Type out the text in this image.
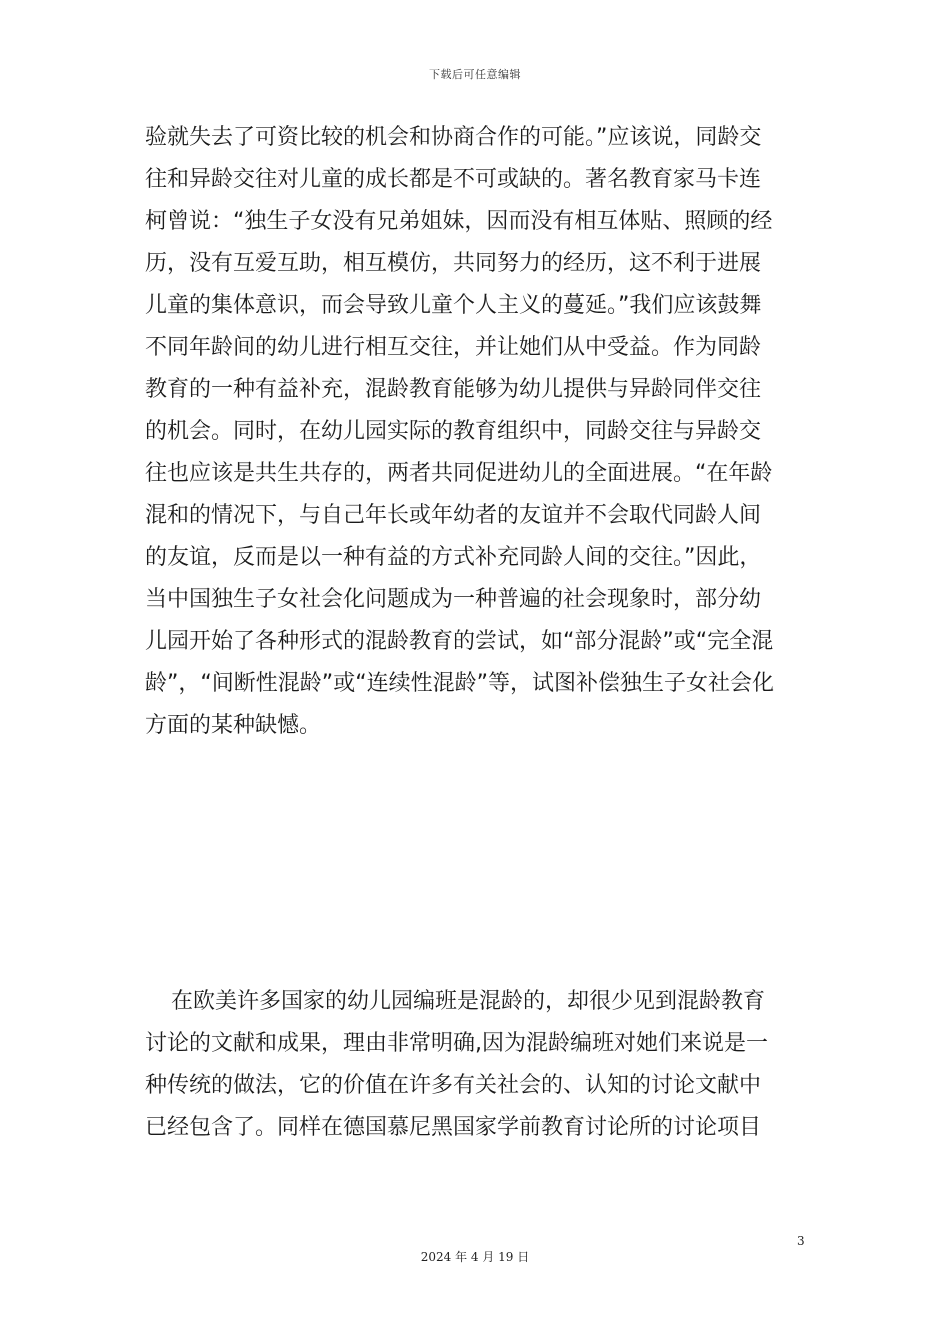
下载后可任意编辑
验就失去了可资比较的机会和协商合作的可能。”应该说，同龄交
往和异龄交往对儿童的成长都是不可或缺的。著名教育家马卡连
柯曾说：“独生子女没有兄弟姐妹，因而没有相互体贴、照顾的经
历，没有互爱互助，相互模仿，共同努力的经历，这不利于进展
儿童的集体意识，而会导致儿童个人主义的蔓延。”我们应该鼓舞
不同年龄间的幼儿进行相互交往，并让她们从中受益。作为同龄
教育的一种有益补充，混龄教育能够为幼儿提供与异龄同伴交往
的机会。同时，在幼儿园实际的教育组织中，同龄交往与异龄交
往也应该是共生共存的，两者共同促进幼儿的全面进展。“在年龄
混和的情况下，与自己年长或年幼者的友谊并不会取代同龄人间
的友谊，反而是以一种有益的方式补充同龄人间的交往。”因此，
当中国独生子女社会化问题成为一种普遍的社会现象时，部分幼
儿园开始了各种形式的混龄教育的尝试，如“部分混龄”或“完全混
龄”，“间断性混龄”或“连续性混龄”等，试图补偿独生子女社会化
方面的某种缺憾。
在欧美许多国家的幼儿园编班是混龄的，却很少见到混龄教育
讨论的文献和成果，理由非常明确,因为混龄编班对她们来说是一
种传统的做法，它的价值在许多有关社会的、认知的讨论文献中
已经包含了。同样在德国慕尼黑国家学前教育讨论所的讨论项目
3
2024 年 4 月 19 日
